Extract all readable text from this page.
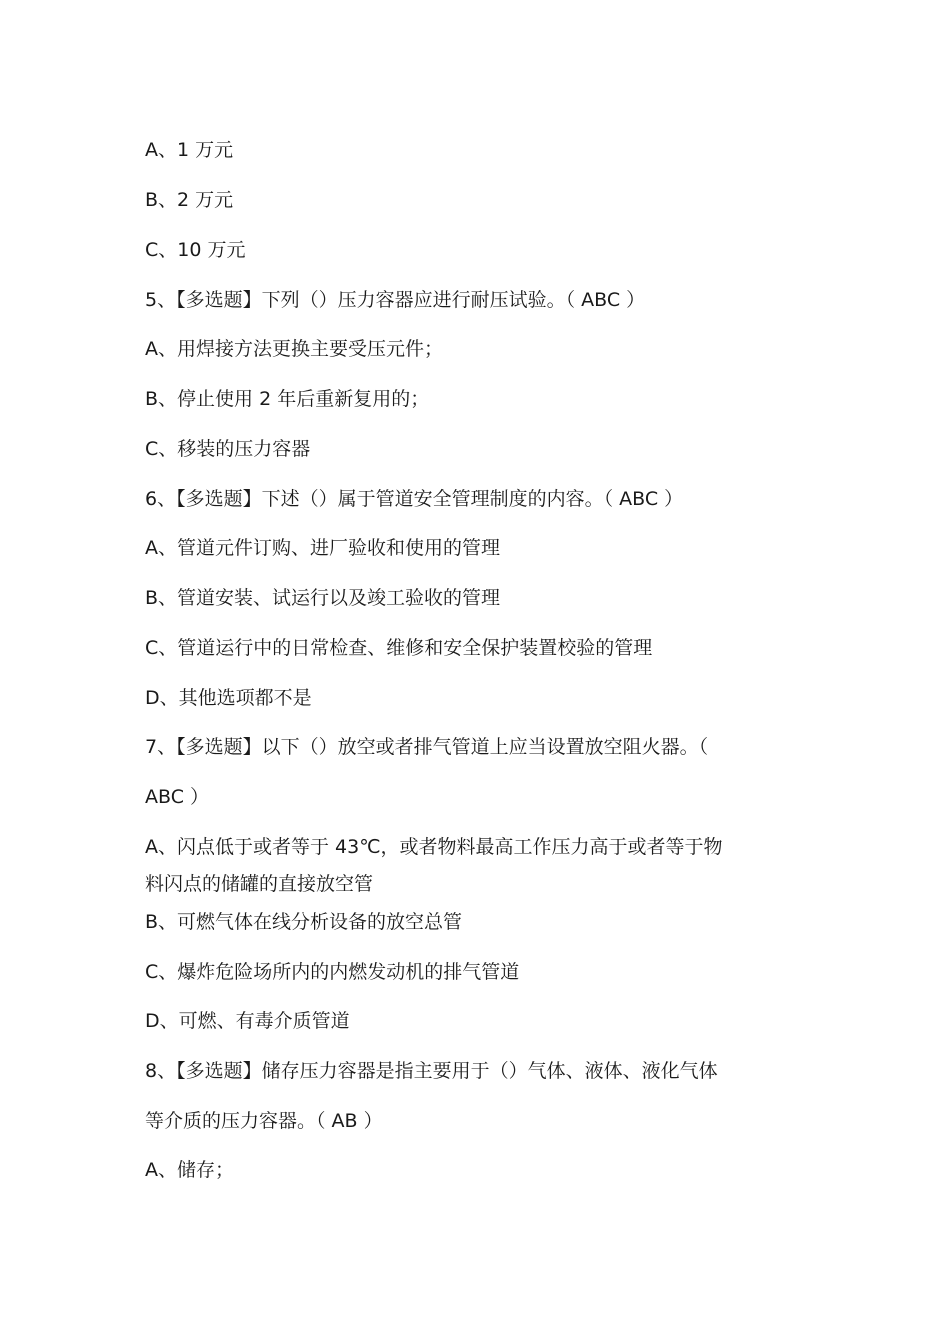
A、1 万元
B、2 万元
C、10 万元
5、【多选题】下列（）压力容器应进行耐压试验。（ ABC ）
A、用焊接方法更换主要受压元件；
B、停止使用 2 年后重新复用的；
C、移装的压力容器
6、【多选题】下述（）属于管道安全管理制度的内容。（ ABC ）
A、管道元件订购、进厂验收和使用的管理
B、管道安装、试运行以及竣工验收的管理
C、管道运行中的日常检查、维修和安全保护装置校验的管理
D、其他选项都不是
7、【多选题】以下（）放空或者排气管道上应当设置放空阻火器。（
ABC ）
A、闪点低于或者等于 43℃，或者物料最高工作压力高于或者等于物
料闪点的储罐的直接放空管
B、可燃气体在线分析设备的放空总管
C、爆炸危险场所内的内燃发动机的排气管道
D、可燃、有毒介质管道
8、【多选题】储存压力容器是指主要用于（）气体、液体、液化气体
等介质的压力容器。（ AB ）
A、储存；
